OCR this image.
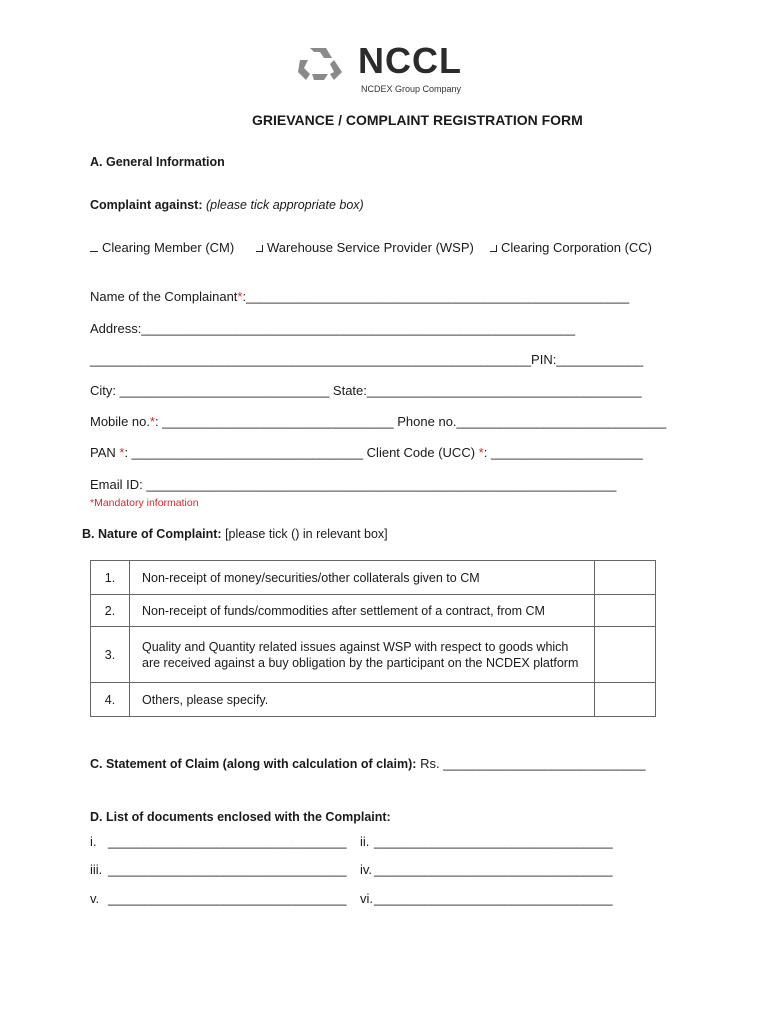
NCCL
NCDEX Group Company
GRIEVANCE / COMPLAINT REGISTRATION FORM
A. General Information
Complaint against: (please tick appropriate box)
Clearing Member (CM)	Warehouse Service Provider (WSP)	Clearing Corporation (CC)
Name of the Complainant*:_____________________________________________________
Address:____________________________________________________________
_____________________________________________________________PIN:____________
City: _____________________________ State:______________________________________
Mobile no.*: ________________________________ Phone no._____________________________
PAN *: ________________________________ Client Code (UCC) *: _____________________
Email ID: _________________________________________________________________
*Mandatory information
B. Nature of Complaint: [please tick () in relevant box]
1.	Non-receipt of money/securities/other collaterals given to CM	
2.	Non-receipt of funds/commodities after settlement of a contract, from CM	
3.	Quality and Quantity related issues against WSP with respect to goods which are received against a buy obligation by the participant on the NCDEX platform	
4.	Others, please specify.	
C. Statement of Claim (along with calculation of claim): Rs. ____________________________
D. List of documents enclosed with the Complaint:
i. _________________________________ ii. _________________________________
iii. _________________________________ iv. _________________________________
v. _________________________________ vi._________________________________
